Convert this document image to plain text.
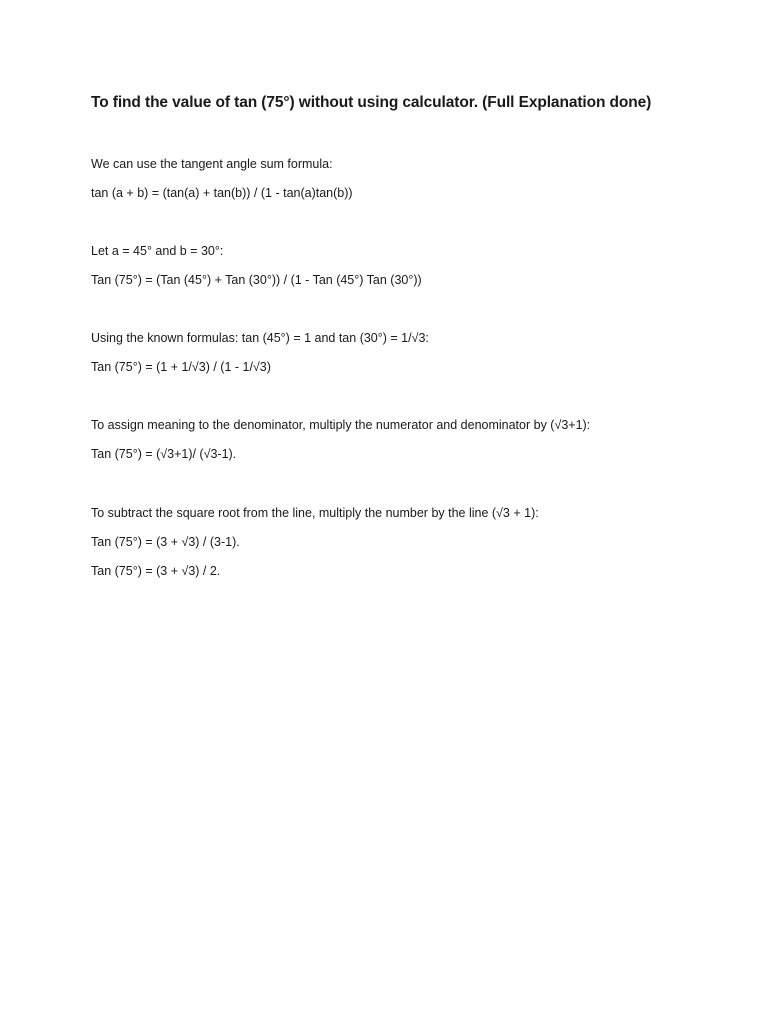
To find the value of tan (75°) without using calculator. (Full Explanation done)
We can use the tangent angle sum formula:
tan (a + b) = (tan(a) + tan(b)) / (1 - tan(a)tan(b))
Let a = 45° and b = 30°:
Tan (75°) = (Tan (45°) + Tan (30°)) / (1 - Tan (45°) Tan (30°))
Using the known formulas: tan (45°) = 1 and tan (30°) = 1/√3:
Tan (75°) = (1 + 1/√3) / (1 - 1/√3)
To assign meaning to the denominator, multiply the numerator and denominator by (√3+1):
Tan (75°) = (√3+1)/ (√3-1).
To subtract the square root from the line, multiply the number by the line (√3 + 1):
Tan (75°) = (3 + √3) / (3-1).
Tan (75°) = (3 + √3) / 2.
